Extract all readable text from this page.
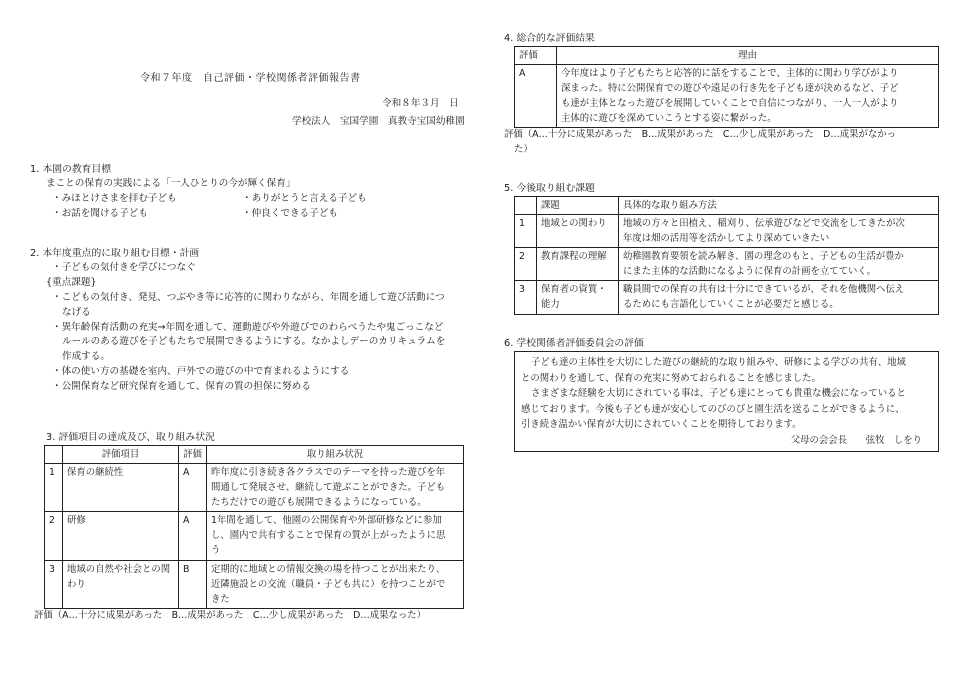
令和７年度　自己評価・学校関係者評価報告書
令和８年３月　日
学校法人　宝国学園　真教寺宝国幼稚園
1. 本園の教育目標
まことの保育の実践による「一人ひとりの今が輝く保育」
・みほとけさまを拝む子ども	・ありがとうと言える子ども
・お話を聞ける子ども	・仲良くできる子ども
2. 本年度重点的に取り組む目標・計画
・子どもの気付きを学びにつなぐ
{重点課題}
・こどもの気付き、発見、つぶやき等に応答的に関わりながら、年間を通して遊び活動につ
なげる
・異年齢保育活動の充実→年間を通して、運動遊びや外遊びでのわらべうたや鬼ごっこなど
ルールのある遊びを子どもたちで展開できるようにする。なかよしデーのカリキュラムを
作成する。
・体の使い方の基礎を室内、戸外での遊びの中で育まれるようにする
・公開保育など研究保育を通して、保育の質の担保に努める
3. 評価項目の達成及び、取り組み状況
	評価項目	評価	取り組み状況
1	保育の継続性	A	昨年度に引き続き各クラスでのテーマを持った遊びを年
間通して発展させ、継続して遊ぶことができた。子ども
たちだけでの遊びも展開できるようになっている。

2	研修	A	1年間を通して、他園の公開保育や外部研修などに参加
し、園内で共有することで保育の質が上がったように思
う

3	地域の自然や社会との関わり	B	定期的に地域との情報交換の場を持つことが出来たり、
近隣施設との交流（職員・子ども共に）を持つことがで
きた
評価（A…十分に成果があった　B…成果があった　C…少し成果があった　D…成果なった）
4. 総合的な評価結果
評価	理由
A	今年度はより子どもたちと応答的に話をすることで、主体的に関わり学びがより
深まった。特に公開保育での遊びや遠足の行き先を子ども達が決めるなど、子ど
も達が主体となった遊びを展開していくことで自信につながり、一人一人がより
主体的に遊びを深めていこうとする姿に繋がった。
評価（A…十分に成果があった　B…成果があった　C…少し成果があった　D…成果がなかっ
た）
5. 今後取り組む課題
	課題	具体的な取り組み方法
1	地域との関わり	地域の方々と田植え、稲刈り、伝承遊びなどで交流をしてきたが次
年度は畑の活用等を活かしてより深めていきたい

2	教育課程の理解	幼稚園教育要領を読み解き、園の理念のもと、子どもの生活が豊か
にまた主体的な活動になるように保育の計画を立てていく。

3	保育者の資質・能力	職員間での保育の共有は十分にできているが、それを他機関へ伝え
るためにも言語化していくことが必要だと感じる。
6. 学校関係者評価委員会の評価
子ども達の主体性を大切にした遊びの継続的な取り組みや、研修による学びの共有、地域
との関わりを通して、保育の充実に努めておられることを感じました。
さまざまな経験を大切にされている事は、子ども達にとっても貴重な機会になっていると
感じております。今後も子ども達が安心してのびのびと園生活を送ることができるように、
引き続き温かい保育が大切にされていくことを期待しております。
父母の会会長　　弦牧　しをり
